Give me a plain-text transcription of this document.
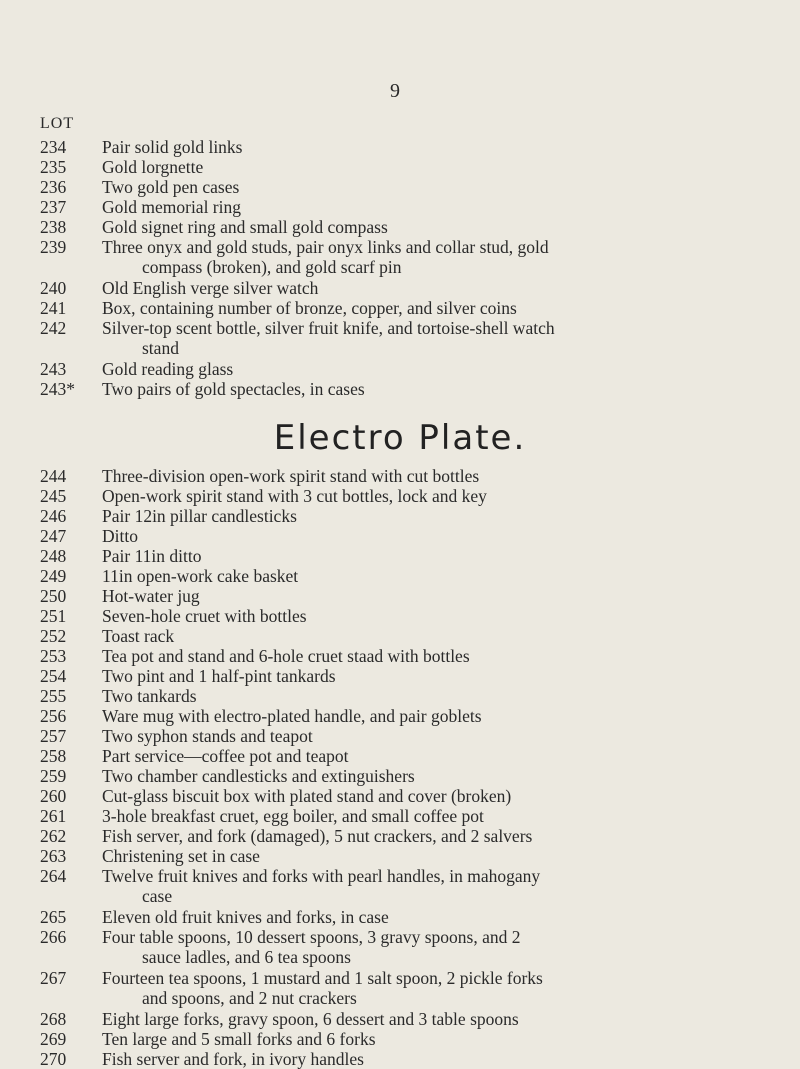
9
LOT
234	Pair solid gold links
235	Gold lorgnette
236	Two gold pen cases
237	Gold memorial ring
238	Gold signet ring and small gold compass
239	Three onyx and gold studs, pair onyx links and collar stud, gold
compass (broken), and gold scarf pin
240	Old English verge silver watch
241	Box, containing number of bronze, copper, and silver coins
242	Silver-top scent bottle, silver fruit knife, and tortoise-shell watch
stand
243	Gold reading glass
243*	Two pairs of gold spectacles, in cases
Electro Plate.
244	Three-division open-work spirit stand with cut bottles
245	Open-work spirit stand with 3 cut bottles, lock and key
246	Pair 12in pillar candlesticks
247	Ditto
248	Pair 11in ditto
249	11in open-work cake basket
250	Hot-water jug
251	Seven-hole cruet with bottles
252	Toast rack
253	Tea pot and stand and 6-hole cruet staad with bottles
254	Two pint and 1 half-pint tankards
255	Two tankards
256	Ware mug with electro-plated handle, and pair goblets
257	Two syphon stands and teapot
258	Part service—coffee pot and teapot
259	Two chamber candlesticks and extinguishers
260	Cut-glass biscuit box with plated stand and cover (broken)
261	3-hole breakfast cruet, egg boiler, and small coffee pot
262	Fish server, and fork (damaged), 5 nut crackers, and 2 salvers
263	Christening set in case
264	Twelve fruit knives and forks with pearl handles, in mahogany
case
265	Eleven old fruit knives and forks, in case
266	Four table spoons, 10 dessert spoons, 3 gravy spoons, and 2
sauce ladles, and 6 tea spoons
267	Fourteen tea spoons, 1 mustard and 1 salt spoon, 2 pickle forks
and spoons, and 2 nut crackers
268	Eight large forks, gravy spoon, 6 dessert and 3 table spoons
269	Ten large and 5 small forks and 6 forks
270	Fish server and fork, in ivory handles
